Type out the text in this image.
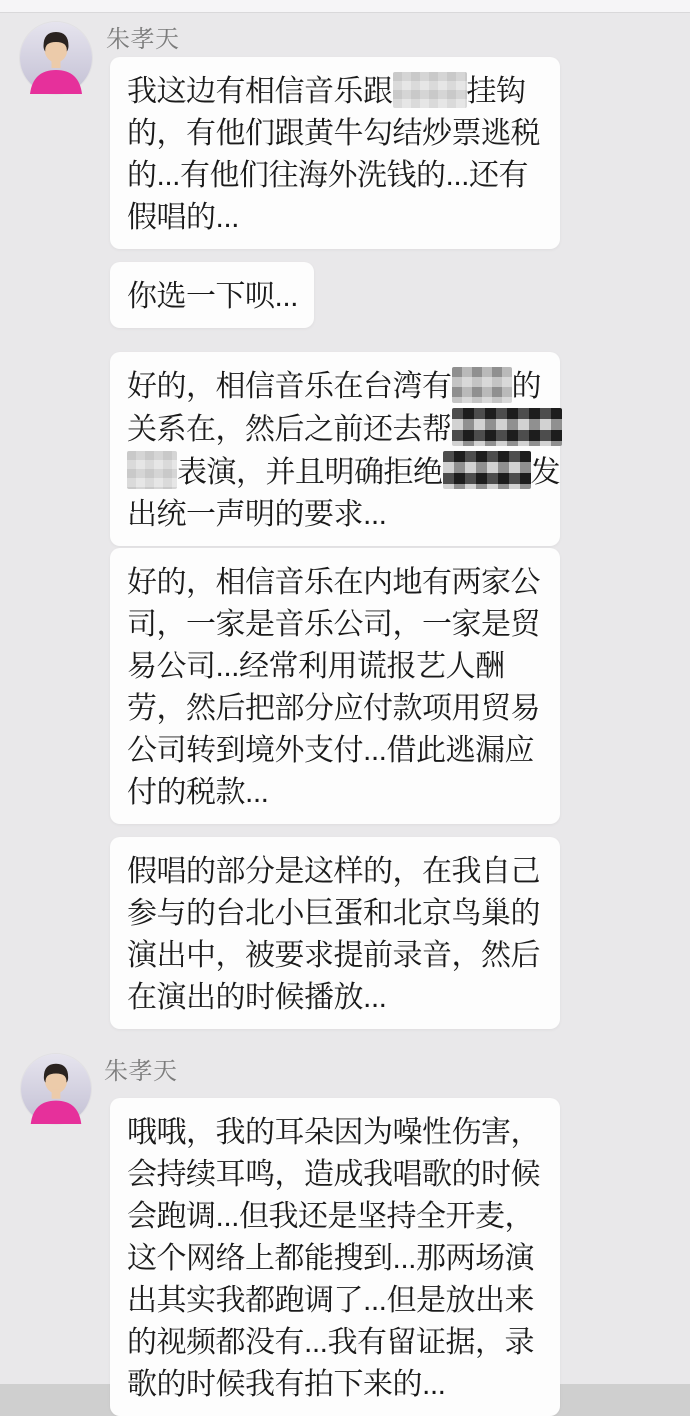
朱孝天
我这边有相信音乐跟 挂钩
的，有他们跟黄牛勾结炒票逃税
的...有他们往海外洗钱的...还有
假唱的...
你选一下呗...
好的，相信音乐在台湾有 的
关系在，然后之前还去帮
表演，并且明确拒绝	发
出统一声明的要求...
好的，相信音乐在内地有两家公
司，一家是音乐公司，一家是贸
易公司...经常利用谎报艺人酬
劳，然后把部分应付款项用贸易
公司转到境外支付...借此逃漏应
付的税款...
假唱的部分是这样的，在我自己
参与的台北小巨蛋和北京鸟巢的
演出中，被要求提前录音，然后
在演出的时候播放...
朱孝天
哦哦，我的耳朵因为噪性伤害，
会持续耳鸣，造成我唱歌的时候
会跑调...但我还是坚持全开麦，
这个网络上都能搜到...那两场演
出其实我都跑调了...但是放出来
的视频都没有...我有留证据，录
歌的时候我有拍下来的...
